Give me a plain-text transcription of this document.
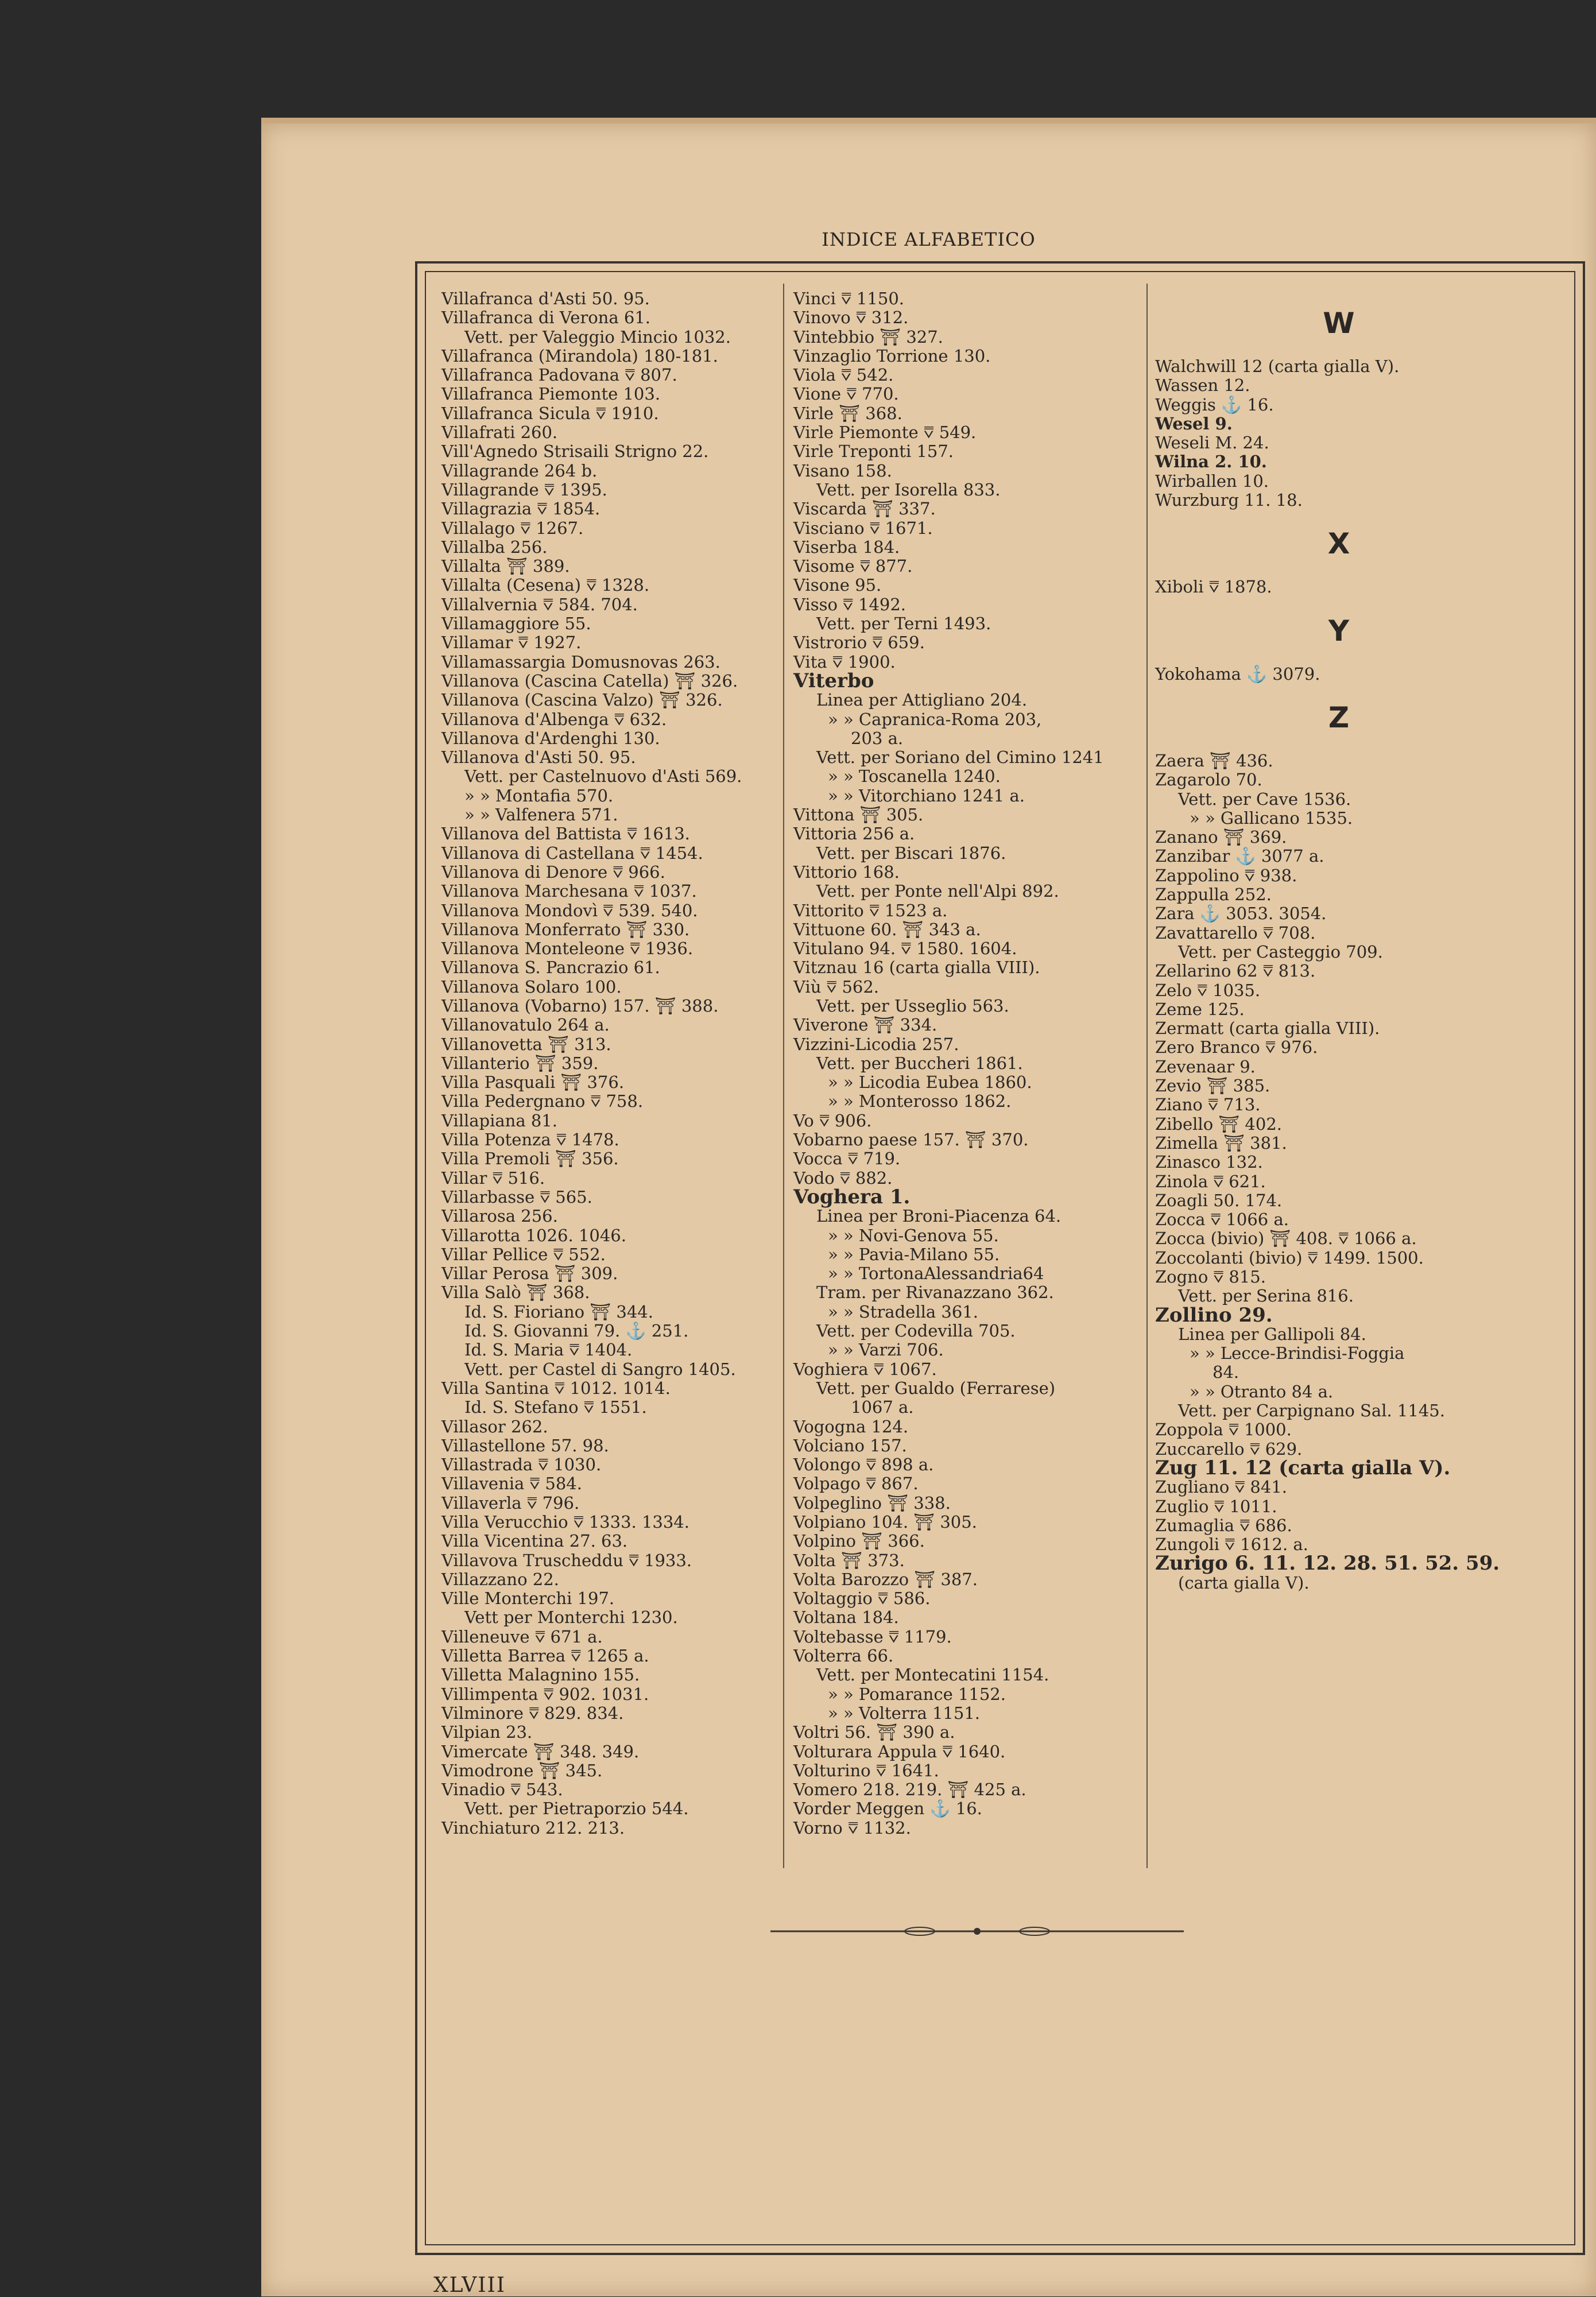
INDICE ALFABETICO
Villafranca d'Asti 50. 95.
Villafranca di Verona 61.
Vett. per Valeggio Mincio 1032.
Villafranca (Mirandola) 180-181.
Villafranca Padovana ⩢ 807.
Villafranca Piemonte 103.
Villafranca Sicula ⩢ 1910.
Villafrati 260.
Vill'Agnedo Strisaili Strigno 22.
Villagrande 264 b.
Villagrande ⩢ 1395.
Villagrazia ⩢ 1854.
Villalago ⩢ 1267.
Villalba 256.
Villalta ⛩ 389.
Villalta (Cesena) ⩢ 1328.
Villalvernia ⩢ 584. 704.
Villamaggiore 55.
Villamar ⩢ 1927.
Villamassargia Domusnovas 263.
Villanova (Cascina Catella) ⛩ 326.
Villanova (Cascina Valzo) ⛩ 326.
Villanova d'Albenga ⩢ 632.
Villanova d'Ardenghi 130.
Villanova d'Asti 50. 95.
Vett. per Castelnuovo d'Asti 569.
» » Montafia 570.
» » Valfenera 571.
Villanova del Battista ⩢ 1613.
Villanova di Castellana ⩢ 1454.
Villanova di Denore ⩢ 966.
Villanova Marchesana ⩢ 1037.
Villanova Mondovì ⩢ 539. 540.
Villanova Monferrato ⛩ 330.
Villanova Monteleone ⩢ 1936.
Villanova S. Pancrazio 61.
Villanova Solaro 100.
Villanova (Vobarno) 157. ⛩ 388.
Villanovatulo 264 a.
Villanovetta ⛩ 313.
Villanterio ⛩ 359.
Villa Pasquali ⛩ 376.
Villa Pedergnano ⩢ 758.
Villapiana 81.
Villa Potenza ⩢ 1478.
Villa Premoli ⛩ 356.
Villar ⩢ 516.
Villarbasse ⩢ 565.
Villarosa 256.
Villarotta 1026. 1046.
Villar Pellice ⩢ 552.
Villar Perosa ⛩ 309.
Villa Salò ⛩ 368.
Id. S. Fioriano ⛩ 344.
Id. S. Giovanni 79. ⚓ 251.
Id. S. Maria ⩢ 1404.
Vett. per Castel di Sangro 1405.
Villa Santina ⩢ 1012. 1014.
Id. S. Stefano ⩢ 1551.
Villasor 262.
Villastellone 57. 98.
Villastrada ⩢ 1030.
Villavenia ⩢ 584.
Villaverla ⩢ 796.
Villa Verucchio ⩢ 1333. 1334.
Villa Vicentina 27. 63.
Villavova Truscheddu ⩢ 1933.
Villazzano 22.
Ville Monterchi 197.
Vett per Monterchi 1230.
Villeneuve ⩢ 671 a.
Villetta Barrea ⩢ 1265 a.
Villetta Malagnino 155.
Villimpenta ⩢ 902. 1031.
Vilminore ⩢ 829. 834.
Vilpian 23.
Vimercate ⛩ 348. 349.
Vimodrone ⛩ 345.
Vinadio ⩢ 543.
Vett. per Pietraporzio 544.
Vinchiaturo 212. 213.
Vinci ⩢ 1150.
Vinovo ⩢ 312.
Vintebbio ⛩ 327.
Vinzaglio Torrione 130.
Viola ⩢ 542.
Vione ⩢ 770.
Virle ⛩ 368.
Virle Piemonte ⩢ 549.
Virle Treponti 157.
Visano 158.
Vett. per Isorella 833.
Viscarda ⛩ 337.
Visciano ⩢ 1671.
Viserba 184.
Visome ⩢ 877.
Visone 95.
Visso ⩢ 1492.
Vett. per Terni 1493.
Vistrorio ⩢ 659.
Vita ⩢ 1900.
Viterbo
Linea per Attigliano 204.
» » Capranica-Roma 203,
203 a.
Vett. per Soriano del Cimino 1241
» » Toscanella 1240.
» » Vitorchiano 1241 a.
Vittona ⛩ 305.
Vittoria 256 a.
Vett. per Biscari 1876.
Vittorio 168.
Vett. per Ponte nell'Alpi 892.
Vittorito ⩢ 1523 a.
Vittuone 60. ⛩ 343 a.
Vitulano 94. ⩢ 1580. 1604.
Vitznau 16 (carta gialla VIII).
Viù ⩢ 562.
Vett. per Usseglio 563.
Viverone ⛩ 334.
Vizzini-Licodia 257.
Vett. per Buccheri 1861.
» » Licodia Eubea 1860.
» » Monterosso 1862.
Vo ⩢ 906.
Vobarno paese 157. ⛩ 370.
Vocca ⩢ 719.
Vodo ⩢ 882.
Voghera 1.
Linea per Broni-Piacenza 64.
» » Novi-Genova 55.
» » Pavia-Milano 55.
» » TortonaAlessandria64
Tram. per Rivanazzano 362.
» » Stradella 361.
Vett. per Codevilla 705.
» » Varzi 706.
Voghiera ⩢ 1067.
Vett. per Gualdo (Ferrarese)
1067 a.
Vogogna 124.
Volciano 157.
Volongo ⩢ 898 a.
Volpago ⩢ 867.
Volpeglino ⛩ 338.
Volpiano 104. ⛩ 305.
Volpino ⛩ 366.
Volta ⛩ 373.
Volta Barozzo ⛩ 387.
Voltaggio ⩢ 586.
Voltana 184.
Voltebasse ⩢ 1179.
Volterra 66.
Vett. per Montecatini 1154.
» » Pomarance 1152.
» » Volterra 1151.
Voltri 56. ⛩ 390 a.
Volturara Appula ⩢ 1640.
Volturino ⩢ 1641.
Vomero 218. 219. ⛩ 425 a.
Vorder Meggen ⚓ 16.
Vorno ⩢ 1132.
W
Walchwill 12 (carta gialla V).
Wassen 12.
Weggis ⚓ 16.
Wesel 9.
Weseli M. 24.
Wilna 2. 10.
Wirballen 10.
Wurzburg 11. 18.
X
Xiboli ⩢ 1878.
Y
Yokohama ⚓ 3079.
Z
Zaera ⛩ 436.
Zagarolo 70.
Vett. per Cave 1536.
» » Gallicano 1535.
Zanano ⛩ 369.
Zanzibar ⚓ 3077 a.
Zappolino ⩢ 938.
Zappulla 252.
Zara ⚓ 3053. 3054.
Zavattarello ⩢ 708.
Vett. per Casteggio 709.
Zellarino 62 ⩢ 813.
Zelo ⩢ 1035.
Zeme 125.
Zermatt (carta gialla VIII).
Zero Branco ⩢ 976.
Zevenaar 9.
Zevio ⛩ 385.
Ziano ⩢ 713.
Zibello ⛩ 402.
Zimella ⛩ 381.
Zinasco 132.
Zinola ⩢ 621.
Zoagli 50. 174.
Zocca ⩢ 1066 a.
Zocca (bivio) ⛩ 408. ⩢ 1066 a.
Zoccolanti (bivio) ⩢ 1499. 1500.
Zogno ⩢ 815.
Vett. per Serina 816.
Zollino 29.
Linea per Gallipoli 84.
» » Lecce-Brindisi-Foggia
84.
» » Otranto 84 a.
Vett. per Carpignano Sal. 1145.
Zoppola ⩢ 1000.
Zuccarello ⩢ 629.
Zug 11. 12 (carta gialla V).
Zugliano ⩢ 841.
Zuglio ⩢ 1011.
Zumaglia ⩢ 686.
Zungoli ⩢ 1612. a.
Zurigo 6. 11. 12. 28. 51. 52. 59.
(carta gialla V).
XLVIII
